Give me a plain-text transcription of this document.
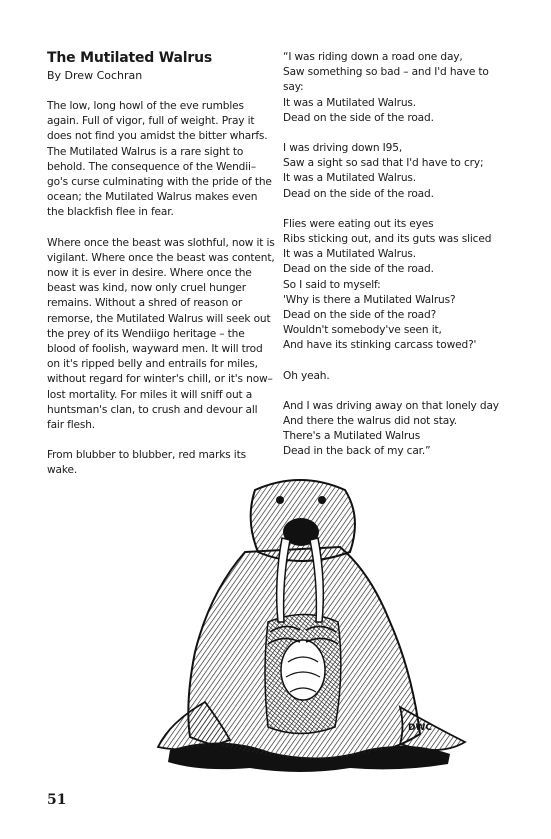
The Mutilated Walrus
By Drew Cochran

The low, long howl of the eve rumbles again. Full of vigor, full of weight. Pray it does not find you amidst the bitter wharfs. The Mutilated Walrus is a rare sight to behold. The consequence of the Wendii–go's curse culminating with the pride of the ocean; the Mutilated Walrus makes even the blackfish flee in fear.

Where once the beast was slothful, now it is vigilant. Where once the beast was content, now it is ever in desire. Where once the beast was kind, now only cruel hunger remains. Without a shred of reason or remorse, the Mutilated Walrus will seek out the prey of its Wendiigo heritage – the blood of foolish, wayward men. It will trod on it's ripped belly and entrails for miles, without regard for winter's chill, or it's now–lost mortality. For miles it will sniff out a huntsman's clan, to crush and devour all fair flesh.

From blubber to blubber, red marks its wake.

“I was riding down a road one day,
Saw something so bad – and I'd have to
say:
It was a Mutilated Walrus.
Dead on the side of the road.
I was driving down I95,
Saw a sight so sad that I'd have to cry;
It was a Mutilated Walrus.
Dead on the side of the road.
Flies were eating out its eyes
Ribs sticking out, and its guts was sliced
It was a Mutilated Walrus.
Dead on the side of the road.
So I said to myself:
'Why is there a Mutilated Walrus?
Dead on the side of the road?
Wouldn't somebody've seen it,
And have its stinking carcass towed?'
Oh yeah.
And I was driving away on that lonely day
And there the walrus did not stay.
There's a Mutilated Walrus
Dead in the back of my car.”
DWC
51
